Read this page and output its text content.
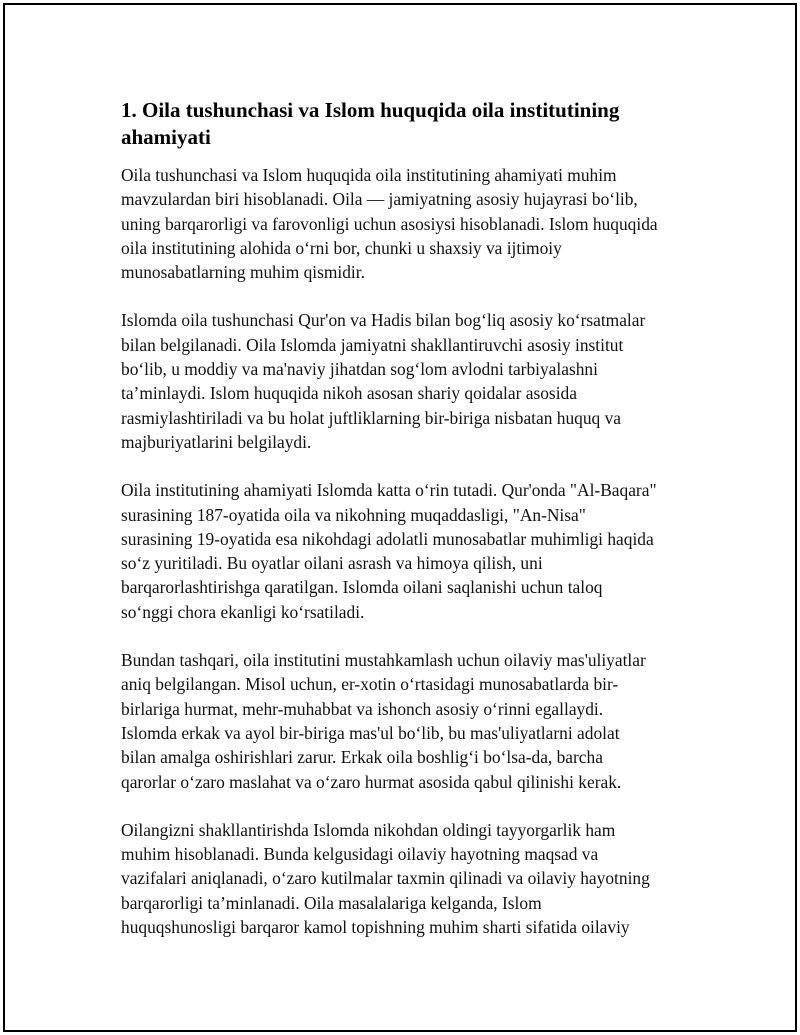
1. Oila tushunchasi va Islom huquqida oila institutining
ahamiyati

Oila tushunchasi va Islom huquqida oila institutining ahamiyati muhim
mavzulardan biri hisoblanadi. Oila — jamiyatning asosiy hujayrasi bo‘lib,
uning barqarorligi va farovonligi uchun asosiysi hisoblanadi. Islom huquqida
oila institutining alohida o‘rni bor, chunki u shaxsiy va ijtimoiy
munosabatlarning muhim qismidir.

Islomda oila tushunchasi Qur'on va Hadis bilan bog‘liq asosiy ko‘rsatmalar
bilan belgilanadi. Oila Islomda jamiyatni shakllantiruvchi asosiy institut
bo‘lib, u moddiy va ma'naviy jihatdan sog‘lom avlodni tarbiyalashni
ta’minlaydi. Islom huquqida nikoh asosan shariy qoidalar asosida
rasmiylashtiriladi va bu holat juftliklarning bir-biriga nisbatan huquq va
majburiyatlarini belgilaydi.

Oila institutining ahamiyati Islomda katta o‘rin tutadi. Qur'onda "Al-Baqara"
surasining 187-oyatida oila va nikohning muqaddasligi, "An-Nisa"
surasining 19-oyatida esa nikohdagi adolatli munosabatlar muhimligi haqida
so‘z yuritiladi. Bu oyatlar oilani asrash va himoya qilish, uni
barqarorlashtirishga qaratilgan. Islomda oilani saqlanishi uchun taloq
so‘nggi chora ekanligi ko‘rsatiladi.

Bundan tashqari, oila institutini mustahkamlash uchun oilaviy mas'uliyatlar
aniq belgilangan. Misol uchun, er-xotin o‘rtasidagi munosabatlarda bir-
birlariga hurmat, mehr-muhabbat va ishonch asosiy o‘rinni egallaydi.
Islomda erkak va ayol bir-biriga mas'ul bo‘lib, bu mas'uliyatlarni adolat
bilan amalga oshirishlari zarur. Erkak oila boshlig‘i bo‘lsa-da, barcha
qarorlar o‘zaro maslahat va o‘zaro hurmat asosida qabul qilinishi kerak.

Oilangizni shakllantirishda Islomda nikohdan oldingi tayyorgarlik ham
muhim hisoblanadi. Bunda kelgusidagi oilaviy hayotning maqsad va
vazifalari aniqlanadi, o‘zaro kutilmalar taxmin qilinadi va oilaviy hayotning
barqarorligi ta’minlanadi. Oila masalalariga kelganda, Islom
huquqshunosligi barqaror kamol topishning muhim sharti sifatida oilaviy
